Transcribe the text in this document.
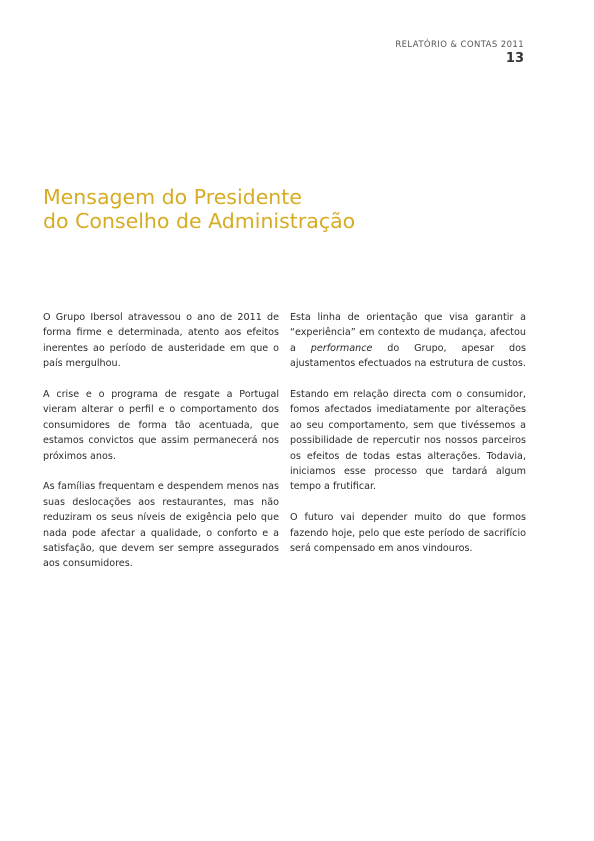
RELATÓRIO & CONTAS 2011
13
Mensagem do Presidente
do Conselho de Administração

O Grupo Ibersol atravessou o ano de 2011 de forma firme e determinada, atento aos efeitos inerentes ao período de austeridade em que o país mergulhou.

A crise e o programa de resgate a Portugal vieram alterar o perfil e o comportamento dos consumidores de forma tão acentuada, que estamos convictos que assim permanecerá nos próximos anos.

As famílias frequentam e despendem menos nas suas deslocações aos restaurantes, mas não reduziram os seus níveis de exigência pelo que nada pode afectar a qualidade, o conforto e a satisfação, que devem ser sempre assegurados aos consumidores.

Esta linha de orientação que visa garantir a “experiência” em contexto de mudança, afectou a performance do Grupo, apesar dos ajustamentos efectuados na estrutura de custos.

Estando em relação directa com o consumidor, fomos afectados imediatamente por alterações ao seu comportamento, sem que tivéssemos a possibilidade de repercutir nos nossos parceiros os efeitos de todas estas alterações. Todavia, iniciamos esse processo que tardará algum tempo a frutificar.

O futuro vai depender muito do que formos fazendo hoje, pelo que este período de sacrifício será compensado em anos vindouros.
